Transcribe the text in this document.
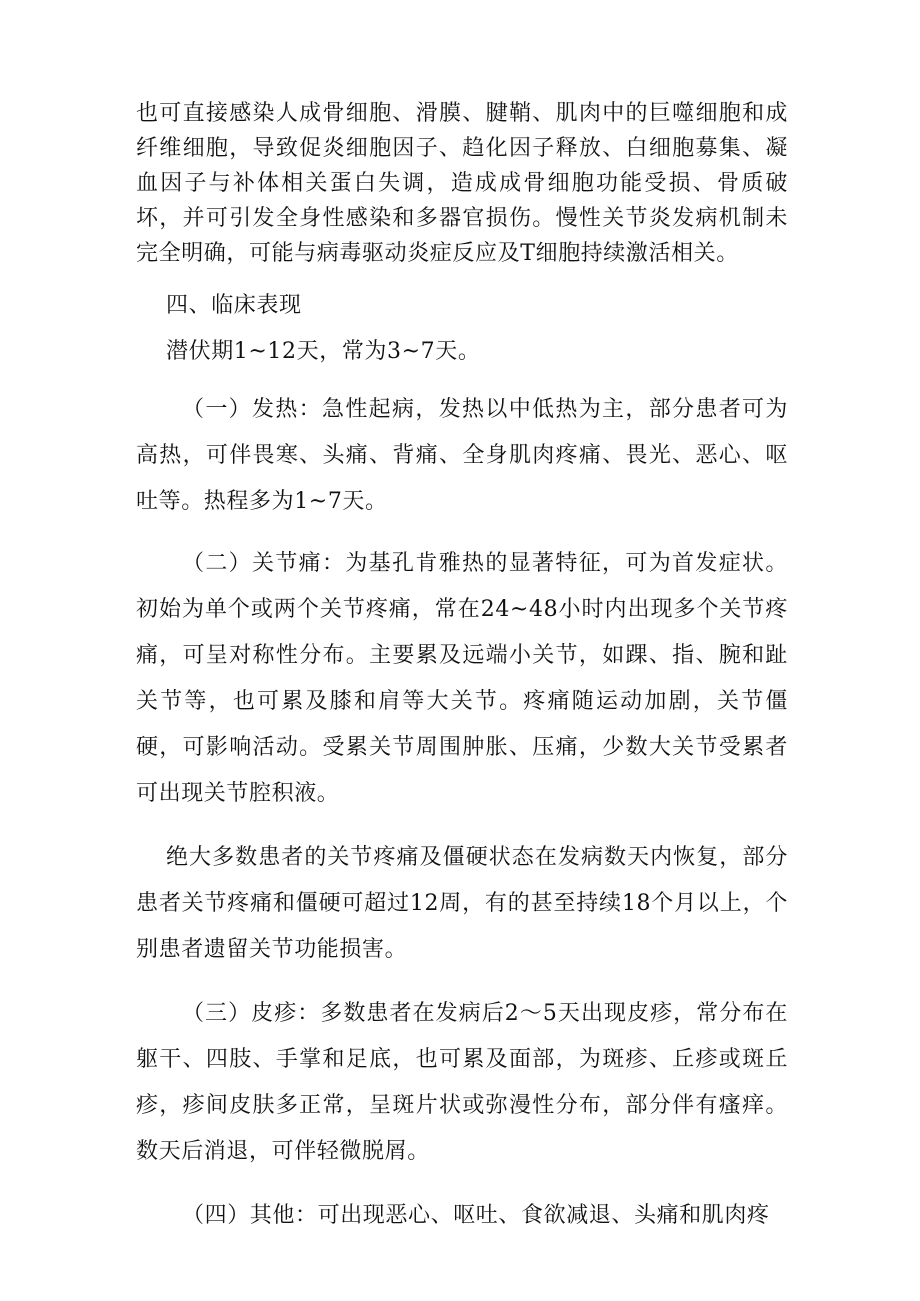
也可直接感染人成骨细胞、滑膜、腱鞘、肌肉中的巨噬细胞和成纤维细胞，导致促炎细胞因子、趋化因子释放、白细胞募集、凝血因子与补体相关蛋白失调，造成成骨细胞功能受损、骨质破坏，并可引发全身性感染和多器官损伤。慢性关节炎发病机制未完全明确，可能与病毒驱动炎症反应及T细胞持续激活相关。

四、临床表现

潜伏期1~12天，常为3~7天。

（一）发热：急性起病，发热以中低热为主，部分患者可为高热，可伴畏寒、头痛、背痛、全身肌肉疼痛、畏光、恶心、呕吐等。热程多为1~7天。

（二）关节痛：为基孔肯雅热的显著特征，可为首发症状。初始为单个或两个关节疼痛，常在24~48小时内出现多个关节疼痛，可呈对称性分布。主要累及远端小关节，如踝、指、腕和趾关节等，也可累及膝和肩等大关节。疼痛随运动加剧，关节僵硬，可影响活动。受累关节周围肿胀、压痛，少数大关节受累者可出现关节腔积液。

绝大多数患者的关节疼痛及僵硬状态在发病数天内恢复，部分患者关节疼痛和僵硬可超过12周，有的甚至持续18个月以上，个别患者遗留关节功能损害。

（三）皮疹：多数患者在发病后2～5天出现皮疹，常分布在躯干、四肢、手掌和足底，也可累及面部，为斑疹、丘疹或斑丘疹，疹间皮肤多正常，呈斑片状或弥漫性分布，部分伴有瘙痒。数天后消退，可伴轻微脱屑。

（四）其他：可出现恶心、呕吐、食欲减退、头痛和肌肉疼
